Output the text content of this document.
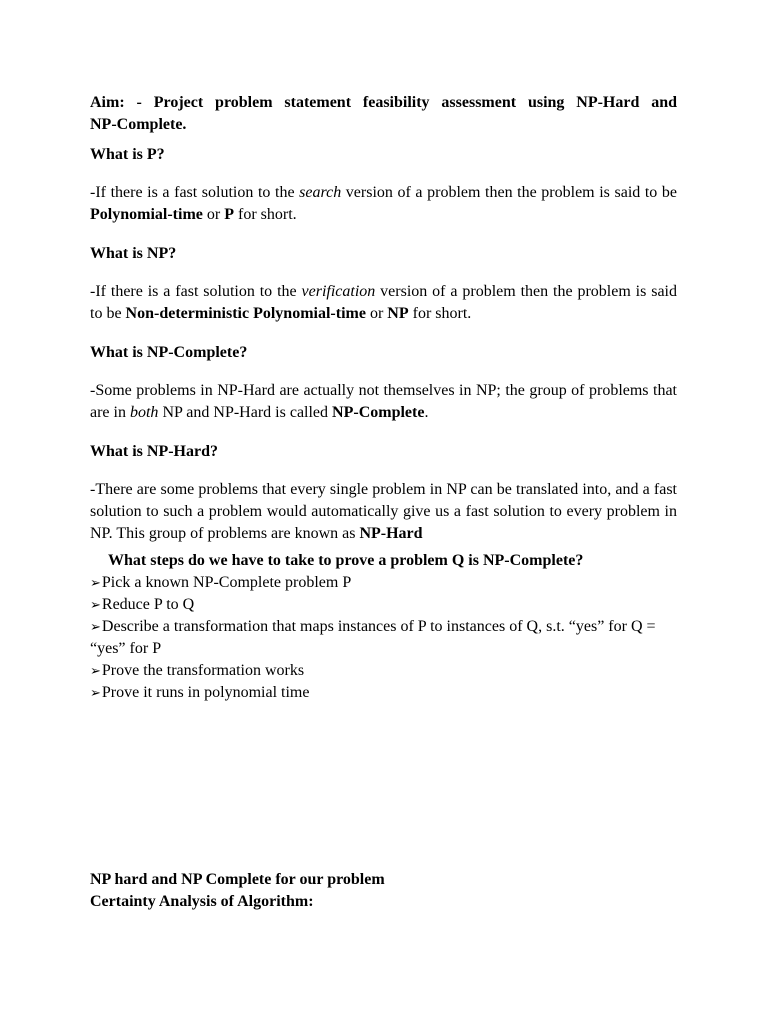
Aim: - Project problem statement feasibility assessment using NP-Hard and
NP-Complete.

What is P?

-If there is a fast solution to the search version of a problem then the problem is said to be Polynomial-time or P for short.

What is NP?

-If there is a fast solution to the verification version of a problem then the problem is said to be Non-deterministic Polynomial-time or NP for short.

What is NP-Complete?

-Some problems in NP-Hard are actually not themselves in NP; the group of problems that are in both NP and NP-Hard is called NP-Complete.

What is NP-Hard?

-There are some problems that every single problem in NP can be translated into, and a fast solution to such a problem would automatically give us a fast solution to every problem in NP. This group of problems are known as NP-Hard

What steps do we have to take to prove a problem Q is NP-Complete?

➢ Pick a known NP-Complete problem P

➢ Reduce P to Q

➢ Describe a transformation that maps instances of P to instances of Q, s.t. “yes” for Q = “yes” for P

➢ Prove the transformation works

➢ Prove it runs in polynomial time

NP hard and NP Complete for our problem
Certainty Analysis of Algorithm:
